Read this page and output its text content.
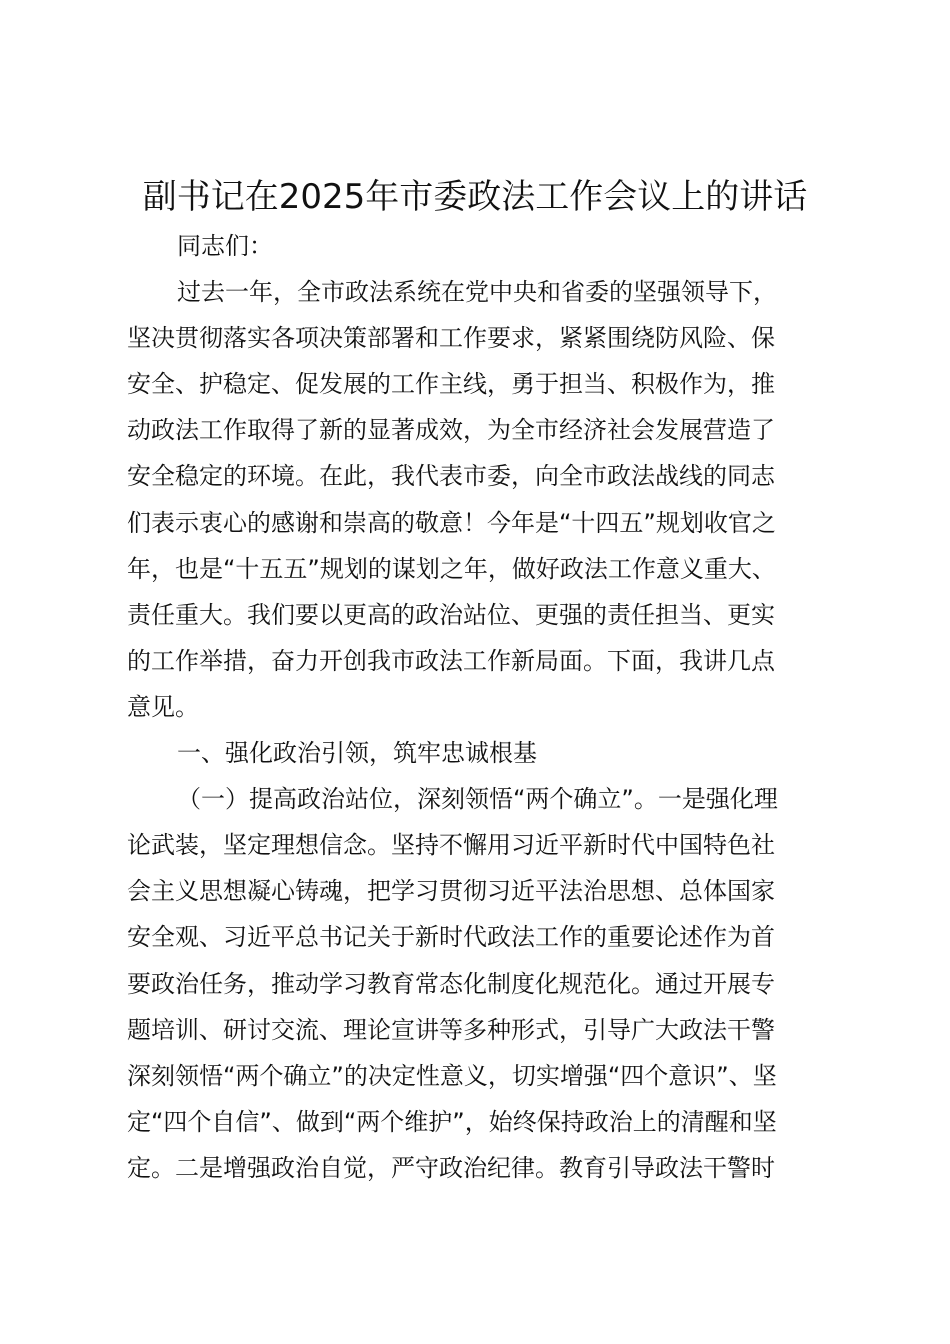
副书记在2025年市委政法工作会议上的讲话
同志们：
过去一年，全市政法系统在党中央和省委的坚强领导下，
坚决贯彻落实各项决策部署和工作要求，紧紧围绕防风险、保
安全、护稳定、促发展的工作主线，勇于担当、积极作为，推
动政法工作取得了新的显著成效，为全市经济社会发展营造了
安全稳定的环境。在此，我代表市委，向全市政法战线的同志
们表示衷心的感谢和崇高的敬意！今年是“十四五”规划收官之
年，也是“十五五”规划的谋划之年，做好政法工作意义重大、
责任重大。我们要以更高的政治站位、更强的责任担当、更实
的工作举措，奋力开创我市政法工作新局面。下面，我讲几点
意见。
一、强化政治引领，筑牢忠诚根基
（一）提高政治站位，深刻领悟“两个确立”。一是强化理
论武装，坚定理想信念。坚持不懈用习近平新时代中国特色社
会主义思想凝心铸魂，把学习贯彻习近平法治思想、总体国家
安全观、习近平总书记关于新时代政法工作的重要论述作为首
要政治任务，推动学习教育常态化制度化规范化。通过开展专
题培训、研讨交流、理论宣讲等多种形式，引导广大政法干警
深刻领悟“两个确立”的决定性意义，切实增强“四个意识”、坚
定“四个自信”、做到“两个维护”，始终保持政治上的清醒和坚
定。二是增强政治自觉，严守政治纪律。教育引导政法干警时
